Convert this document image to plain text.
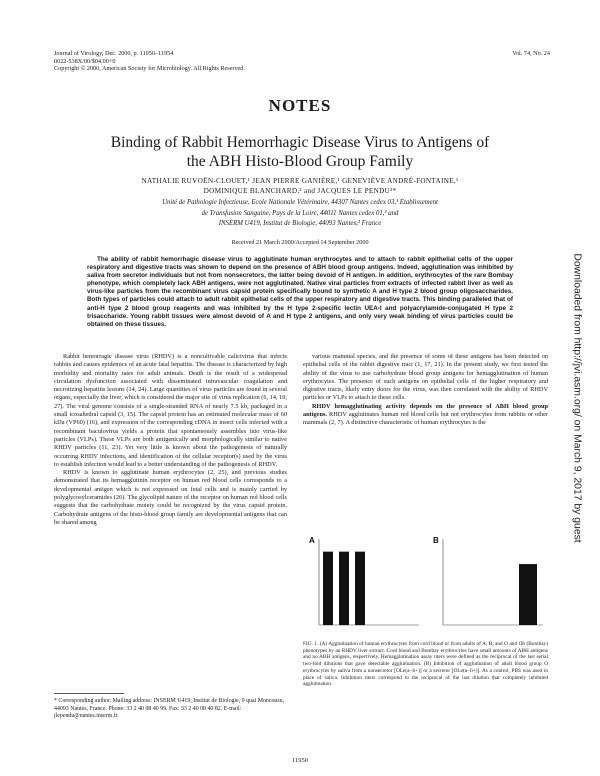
Journal of Virology, Dec. 2000, p. 11950–11954
0022-538X/00/$04.00+0
Copyright © 2000, American Society for Microbiology. All Rights Reserved.
Vol. 74, No. 24
NOTES
Binding of Rabbit Hemorrhagic Disease Virus to Antigens of
the ABH Histo-Blood Group Family
NATHALIE RUVOËN-CLOUET,¹ JEAN PIERRE GANIÈRE,¹ GENEVIÈVE ANDRÉ-FONTAINE,¹
DOMINIQUE BLANCHARD,² and JACQUES LE PENDU³*
Unité de Pathologie Infectieuse, Ecole Nationale Vétérinaire, 44307 Nantes cedex 03,¹ Etablissement
de Transfusion Sanguine, Pays de la Loire, 44011 Nantes cedex 01,² and
INSERM U419, Institut de Biologie, 44093 Nantes,³ France
Received 21 March 2000/Accepted 14 September 2000
The ability of rabbit hemorrhagic disease virus to agglutinate human erythrocytes and to attach to rabbit epithelial cells of the upper respiratory and digestive tracts was shown to depend on the presence of ABH blood group antigens. Indeed, agglutination was inhibited by saliva from secretor individuals but not from nonsecretors, the latter being devoid of H antigen. In addition, erythrocytes of the rare Bombay phenotype, which completely lack ABH antigens, were not agglutinated. Native viral particles from extracts of infected rabbit liver as well as virus-like particles from the recombinant virus capsid protein specifically bound to synthetic A and H type 2 blood group oligosaccharides. Both types of particles could attach to adult rabbit epithelial cells of the upper respiratory and digestive tracts. This binding paralleled that of anti-H type 2 blood group reagents and was inhibited by the H type 2-specific lectin UEA-I and polyacrylamide-conjugated H type 2 trisaccharide. Young rabbit tissues were almost devoid of A and H type 2 antigens, and only very weak binding of virus particles could be obtained on these tissues.

Rabbit hemorragic disease virus (RHDV) is a noncultivable calicivirus that infects rabbits and causes epidemics of an acute fatal hepatitis. The disease is characterized by high morbidity and mortality rates for adult animals. Death is the result of a widespread circulation dysfunction associated with disseminated intravascular coagulation and necrotizing hepatitis lesions (14, 24). Large quantities of virus particles are found in several organs, especially the liver, which is considered the major site of virus replication (6, 14, 19, 27). The viral genome consists of a single-stranded RNA of nearly 7.5 kb, packaged in a small icosahedral capsid (3, 15). The capsid protein has an estimated molecular mass of 60 kDa (VP60) (16), and expression of the corresponding cDNA in insect cells infected with a recombinant baculovirus yields a protein that spontaneously assembles into virus-like particles (VLPs). These VLPs are both antigenically and morphologically similar to native RHDV particles (11, 23). Yet very little is known about the pathogenesis of naturally occurring RHDV infections, and identification of the cellular receptor(s) used by the virus to establish infection would lead to a better understanding of the pathogenesis of RHDV.

RHDV is known to agglutinate human erythrocytes (2, 25), and previous studies demonstrated that its hemagglutinin receptor on human red blood cells corresponds to a developmental antigen which is not expressed on fetal cells and is mainly carried by polyglycosylceramides (26). The glycolipid nature of the receptor on human red blood cells suggests that the carbohydrate moiety could be recognized by the virus capsid protein. Carbohydrate antigens of the histo-blood group family are developmental antigens that can be shared among

* Corresponding author. Mailing address: INSERM U419, Institut de Biologie, 9 quai Moncousu, 44093 Nantes, France. Phone: 33 2 40 08 40 99. Fax: 33 2 40 08 40 82. E-mail: jlependu@nantes.inserm.fr.

various mammal species, and the presence of some of these antigens has been detected on epithelial cells of the rabbit digestive tract (1, 17, 21). In the present study, we first tested the ability of the virus to use carbohydrate blood group antigens for hemagglutination of human erythrocytes. The presence of such antigens on epithelial cells of the higher respiratory and digestive tracts, likely entry doors for the virus, was then correlated with the ability of RHDV particles or VLPs to attach to these cells.

RHDV hemagglutinating activity depends on the presence of ABH blood group antigens. RHDV agglutinates human red blood cells but not erythrocytes from rabbits or other mammals (2, 7). A distinctive characteristic of human erythrocytes is the

A	B
FIG. 1. (A) Agglutination of human erythrocytes from cord blood or from adults of A, B, and O and Oh (Bombay) phenotypes by an RHDV liver extract. Cord blood and Bombay erythrocytes have small amounts of ABH antigens and no ABH antigens, respectively. Hemagglutination assay titers were defined as the reciprocal of the last serial two-fold dilutions that gave detectable agglutination. (B) Inhibition of agglutination of adult blood group O erythrocytes by saliva from a nonsecretor [OLe(a−b+)] or a secretor [OLe(a−b+)]. As a control, PBS was used in place of saliva. Inhibition titers correspond to the reciprocal of the last dilution that completely inhibited agglutination.
Downloaded from http://jvi.asm.org/ on March 9, 2017 by guest
11950
